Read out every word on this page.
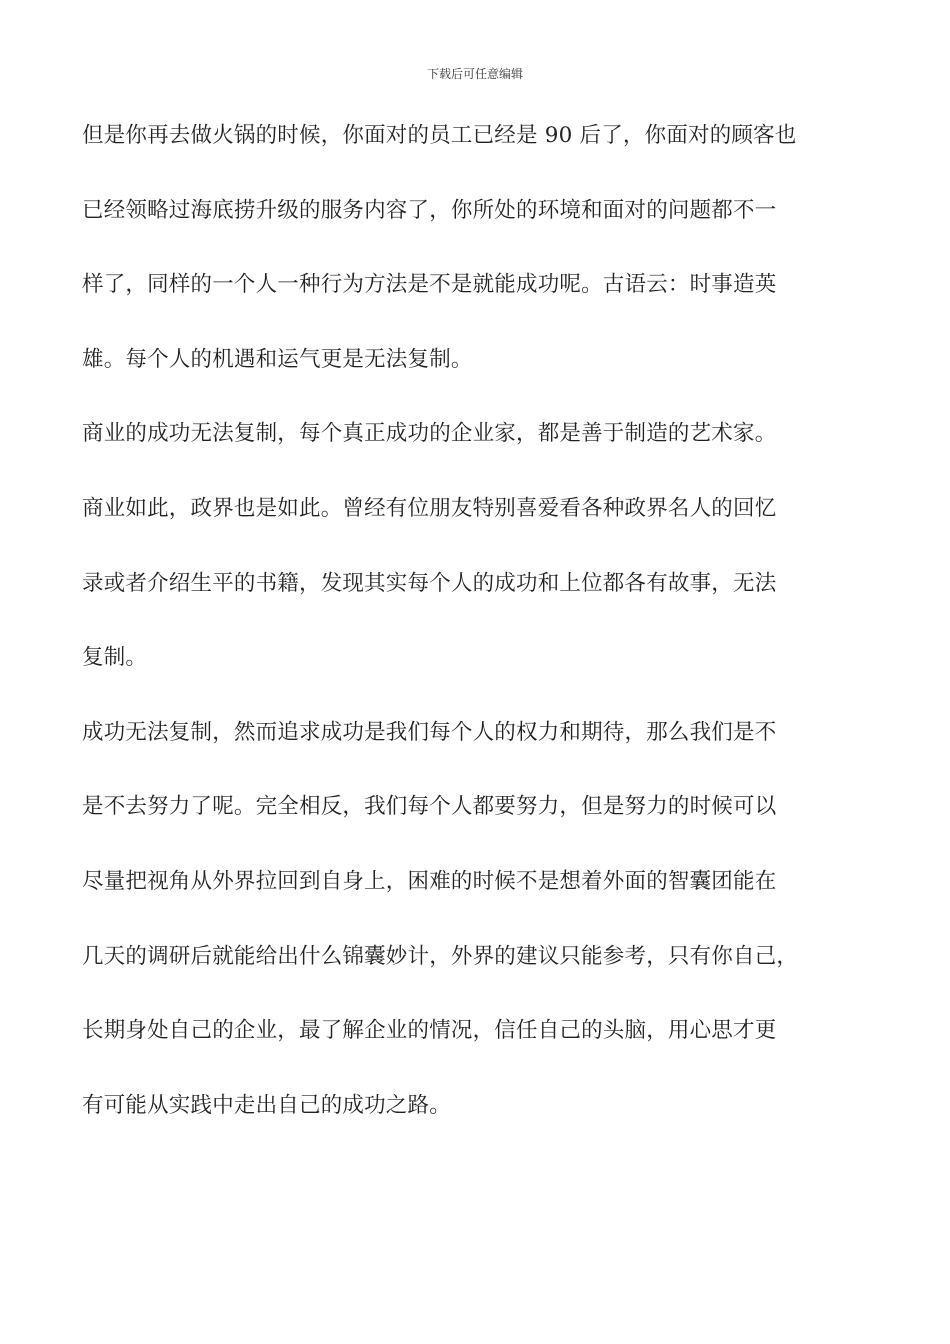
下载后可任意编辑
但是你再去做火锅的时候，你面对的员工已经是 90 后了，你面对的顾客也
已经领略过海底捞升级的服务内容了，你所处的环境和面对的问题都不一
样了，同样的一个人一种行为方法是不是就能成功呢。古语云：时事造英
雄。每个人的机遇和运气更是无法复制。
商业的成功无法复制，每个真正成功的企业家，都是善于制造的艺术家。
商业如此，政界也是如此。曾经有位朋友特别喜爱看各种政界名人的回忆
录或者介绍生平的书籍，发现其实每个人的成功和上位都各有故事，无法
复制。
成功无法复制，然而追求成功是我们每个人的权力和期待，那么我们是不
是不去努力了呢。完全相反，我们每个人都要努力，但是努力的时候可以
尽量把视角从外界拉回到自身上，困难的时候不是想着外面的智囊团能在
几天的调研后就能给出什么锦囊妙计，外界的建议只能参考，只有你自己，
长期身处自己的企业，最了解企业的情况，信任自己的头脑，用心思才更
有可能从实践中走出自己的成功之路。
